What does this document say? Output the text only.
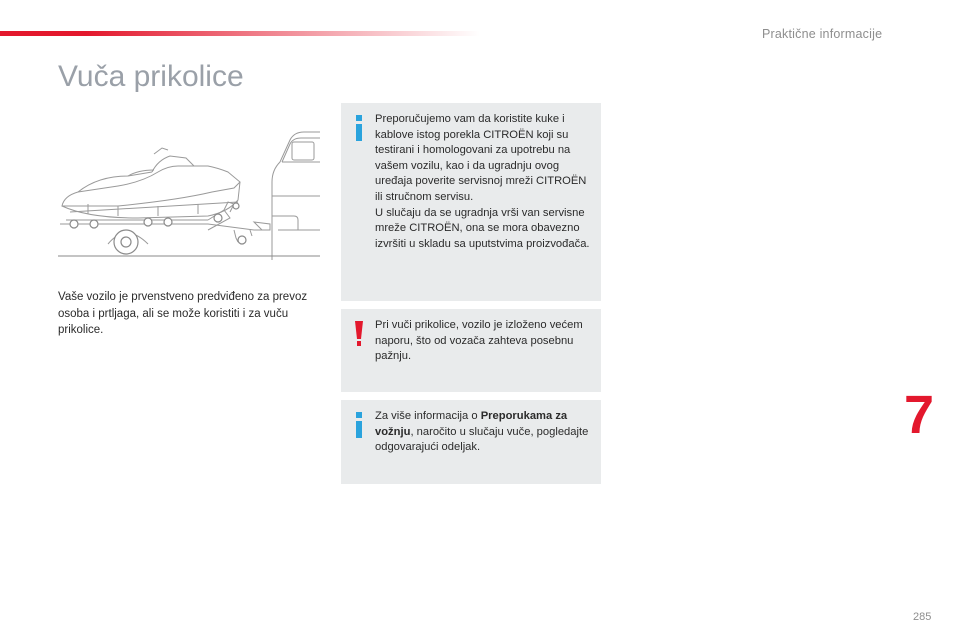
Praktične informacije
Vuča prikolice

Vaše vozilo je prvenstveno predviđeno za prevoz osoba i prtljaga, ali se može koristiti i za vuču prikolice.

Preporučujemo vam da koristite kuke i kablove istog porekla CITROËN koji su testirani i homologovani za upotrebu na vašem vozilu, kao i da ugradnju ovog uređaja poverite servisnoj mreži CITROËN ili stručnom servisu.
U slučaju da se ugradnja vrši van servisne mreže CITROËN, ona se mora obavezno izvršiti u skladu sa uputstvima proizvođača.

Pri vuči prikolice, vozilo je izloženo većem naporu, što od vozača zahteva posebnu pažnju.

Za više informacija o Preporukama za vožnju, naročito u slučaju vuče, pogledajte odgovarajući odeljak.

7
285
